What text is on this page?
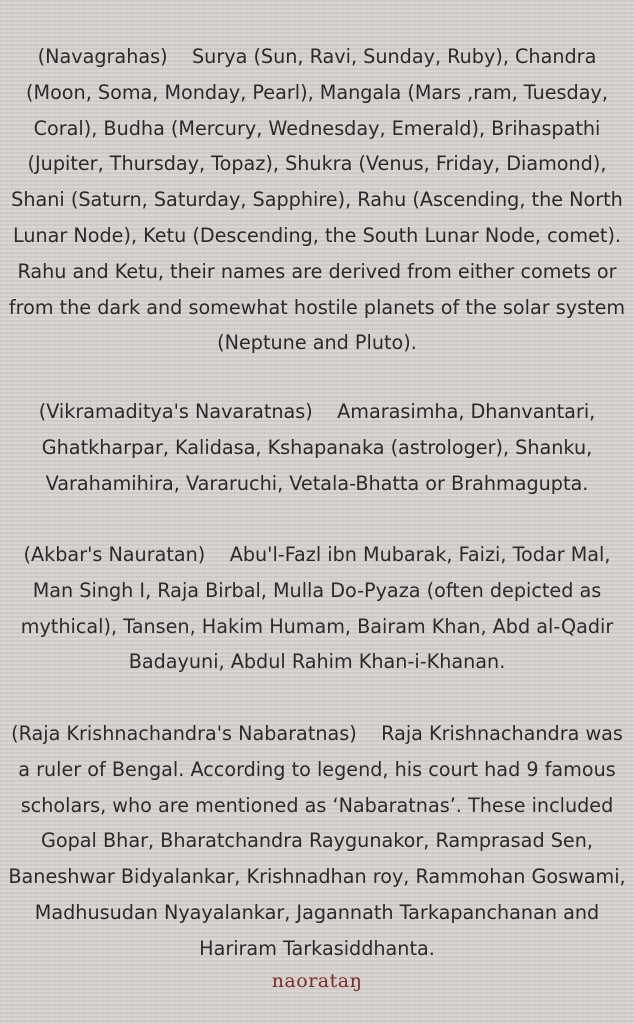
(Navagrahas) Surya (Sun, Ravi, Sunday, Ruby), Chandra (Moon, Soma, Monday, Pearl), Mangala (Mars ,ram, Tuesday, Coral), Budha (Mercury, Wednesday, Emerald), Brihaspathi (Jupiter, Thursday, Topaz), Shukra (Venus, Friday, Diamond), Shani (Saturn, Saturday, Sapphire), Rahu (Ascending, the North Lunar Node), Ketu (Descending, the South Lunar Node, comet). Rahu and Ketu, their names are derived from either comets or from the dark and somewhat hostile planets of the solar system (Neptune and Pluto).

(Vikramaditya's Navaratnas) Amarasimha, Dhanvantari, Ghatkharpar, Kalidasa, Kshapanaka (astrologer), Shanku, Varahamihira, Vararuchi, Vetala-Bhatta or Brahmagupta.

(Akbar's Nauratan) Abu'l-Fazl ibn Mubarak, Faizi, Todar Mal, Man Singh I, Raja Birbal, Mulla Do-Pyaza (often depicted as mythical), Tansen, Hakim Humam, Bairam Khan, Abd al-Qadir Badayuni, Abdul Rahim Khan-i-Khanan.

(Raja Krishnachandra's Nabaratnas) Raja Krishnachandra was a ruler of Bengal. According to legend, his court had 9 famous scholars, who are mentioned as ‘Nabaratnas’. These included Gopal Bhar, Bharatchandra Raygunakor, Ramprasad Sen, Baneshwar Bidyalankar, Krishnadhan roy, Rammohan Goswami, Madhusudan Nyayalankar, Jagannath Tarkapanchanan and Hariram Tarkasiddhanta.

naorataŋ
